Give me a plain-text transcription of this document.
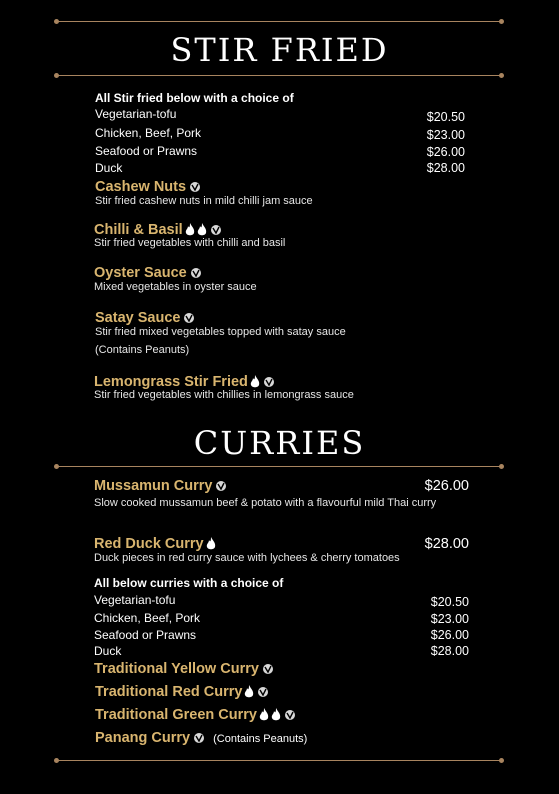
STIR FRIED
All Stir fried below with a choice of
Vegetarian-tofu	$20.50
Chicken, Beef, Pork	$23.00
Seafood or Prawns	$26.00
Duck	$28.00
Cashew Nuts
Stir fried cashew nuts in mild chilli jam sauce
Chilli & Basil
Stir fried vegetables with chilli and basil
Oyster Sauce
Mixed vegetables in oyster sauce
Satay Sauce
Stir fried mixed vegetables topped with satay sauce
(Contains Peanuts)
Lemongrass Stir Fried
Stir fried vegetables with chillies in lemongrass sauce
CURRIES
Mussamun Curry	$26.00
Slow cooked mussamun beef & potato with a flavourful mild Thai curry
Red Duck Curry	$28.00
Duck pieces in red curry sauce with lychees & cherry tomatoes
All below curries with a choice of
Vegetarian-tofu	$20.50
Chicken, Beef, Pork	$23.00
Seafood or Prawns	$26.00
Duck	$28.00
Traditional Yellow Curry
Traditional Red Curry
Traditional Green Curry
Panang Curry (Contains Peanuts)
